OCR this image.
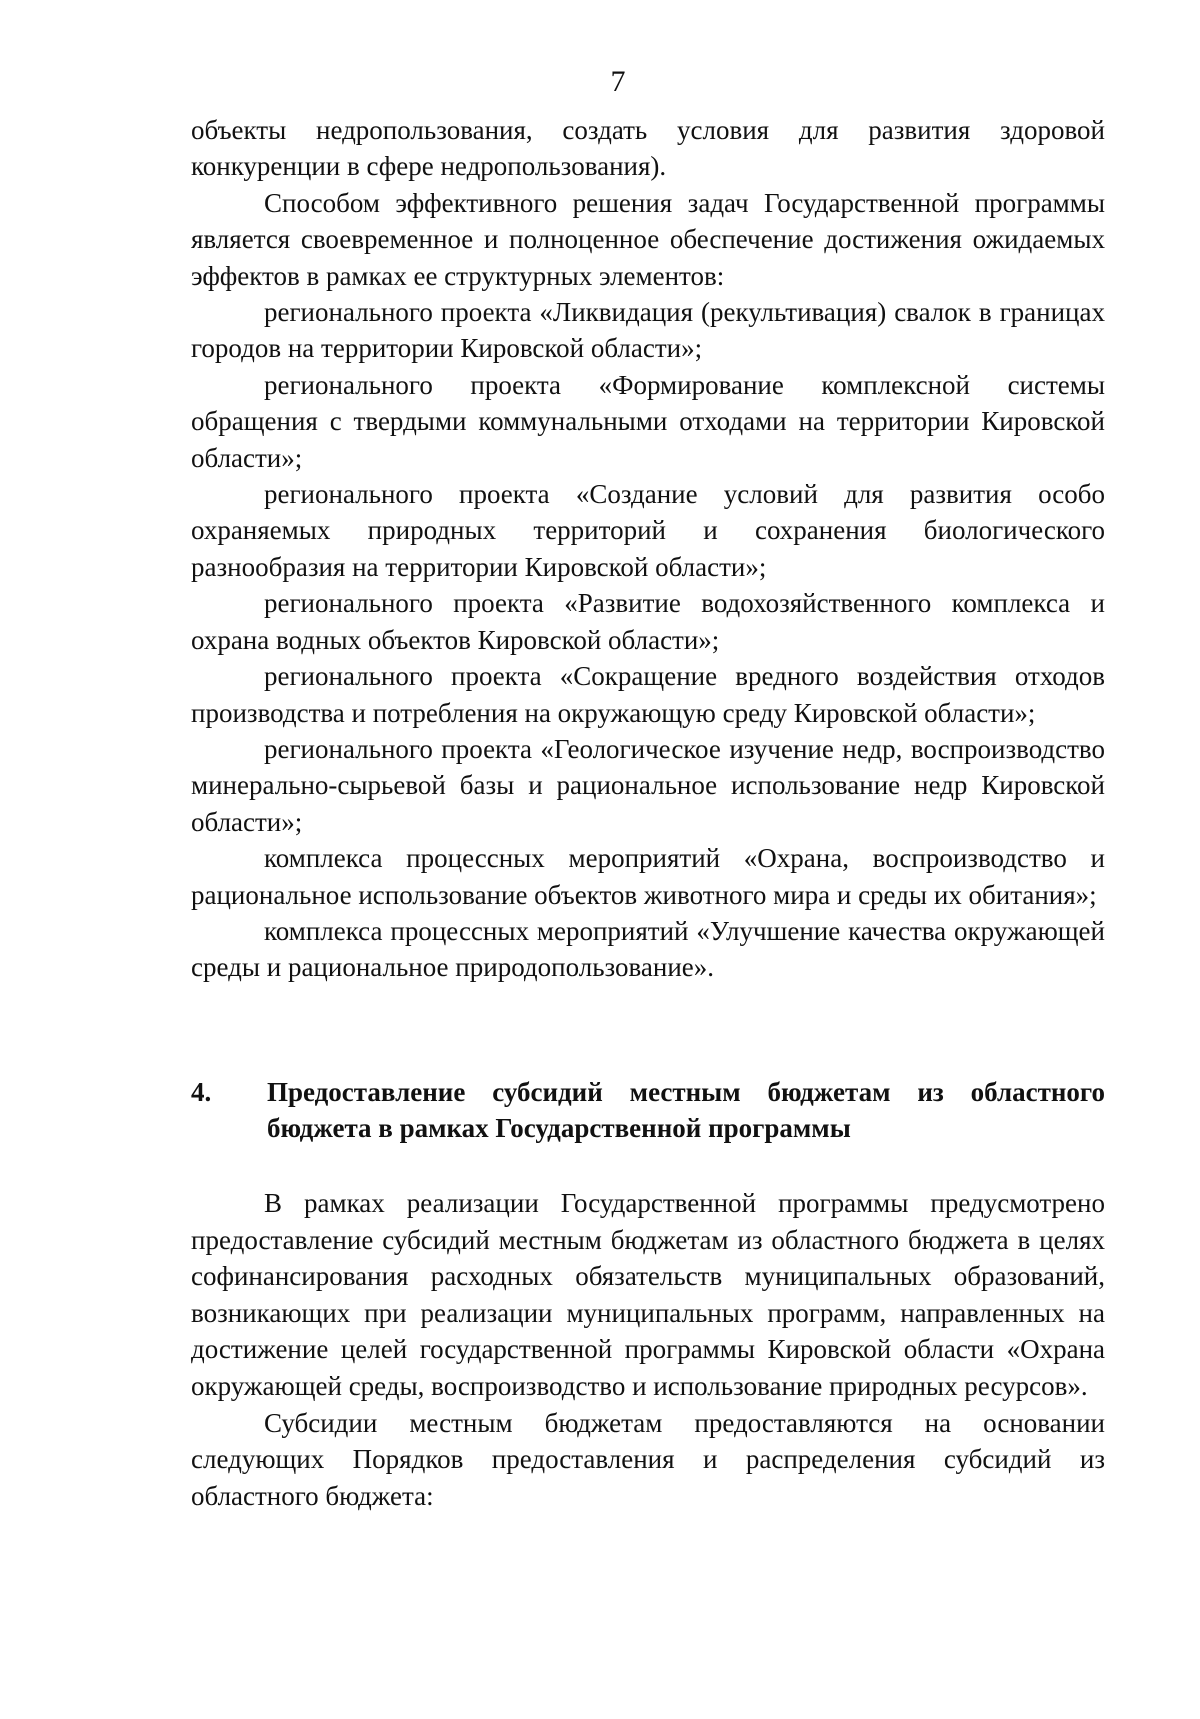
7

объекты недропользования, создать условия для развития здоровой конкуренции в сфере недропользования).

Способом эффективного решения задач Государственной программы является своевременное и полноценное обеспечение достижения ожидаемых эффектов в рамках ее структурных элементов:

регионального проекта «Ликвидация (рекультивация) свалок в границах городов на территории Кировской области»;

регионального проекта «Формирование комплексной системы обращения с твердыми коммунальными отходами на территории Кировской области»;

регионального проекта «Создание условий для развития особо охраняемых природных территорий и сохранения биологического разнообразия на территории Кировской области»;

регионального проекта «Развитие водохозяйственного комплекса и охрана водных объектов Кировской области»;

регионального проекта «Сокращение вредного воздействия отходов производства и потребления на окружающую среду Кировской области»;

регионального проекта «Геологическое изучение недр, воспроизводство минерально-сырьевой базы и рациональное использование недр Кировской области»;

комплекса процессных мероприятий «Охрана, воспроизводство и рациональное использование объектов животного мира и среды их обитания»;

комплекса процессных мероприятий «Улучшение качества окружающей среды и рациональное природопользование».

4. Предоставление субсидий местным бюджетам из областного бюджета в рамках Государственной программы

В рамках реализации Государственной программы предусмотрено предоставление субсидий местным бюджетам из областного бюджета в целях софинансирования расходных обязательств муниципальных образований, возникающих при реализации муниципальных программ, направленных на достижение целей государственной программы Кировской области «Охрана окружающей среды, воспроизводство и использование природных ресурсов».

Субсидии местным бюджетам предоставляются на основании следующих Порядков предоставления и распределения субсидий из областного бюджета:
